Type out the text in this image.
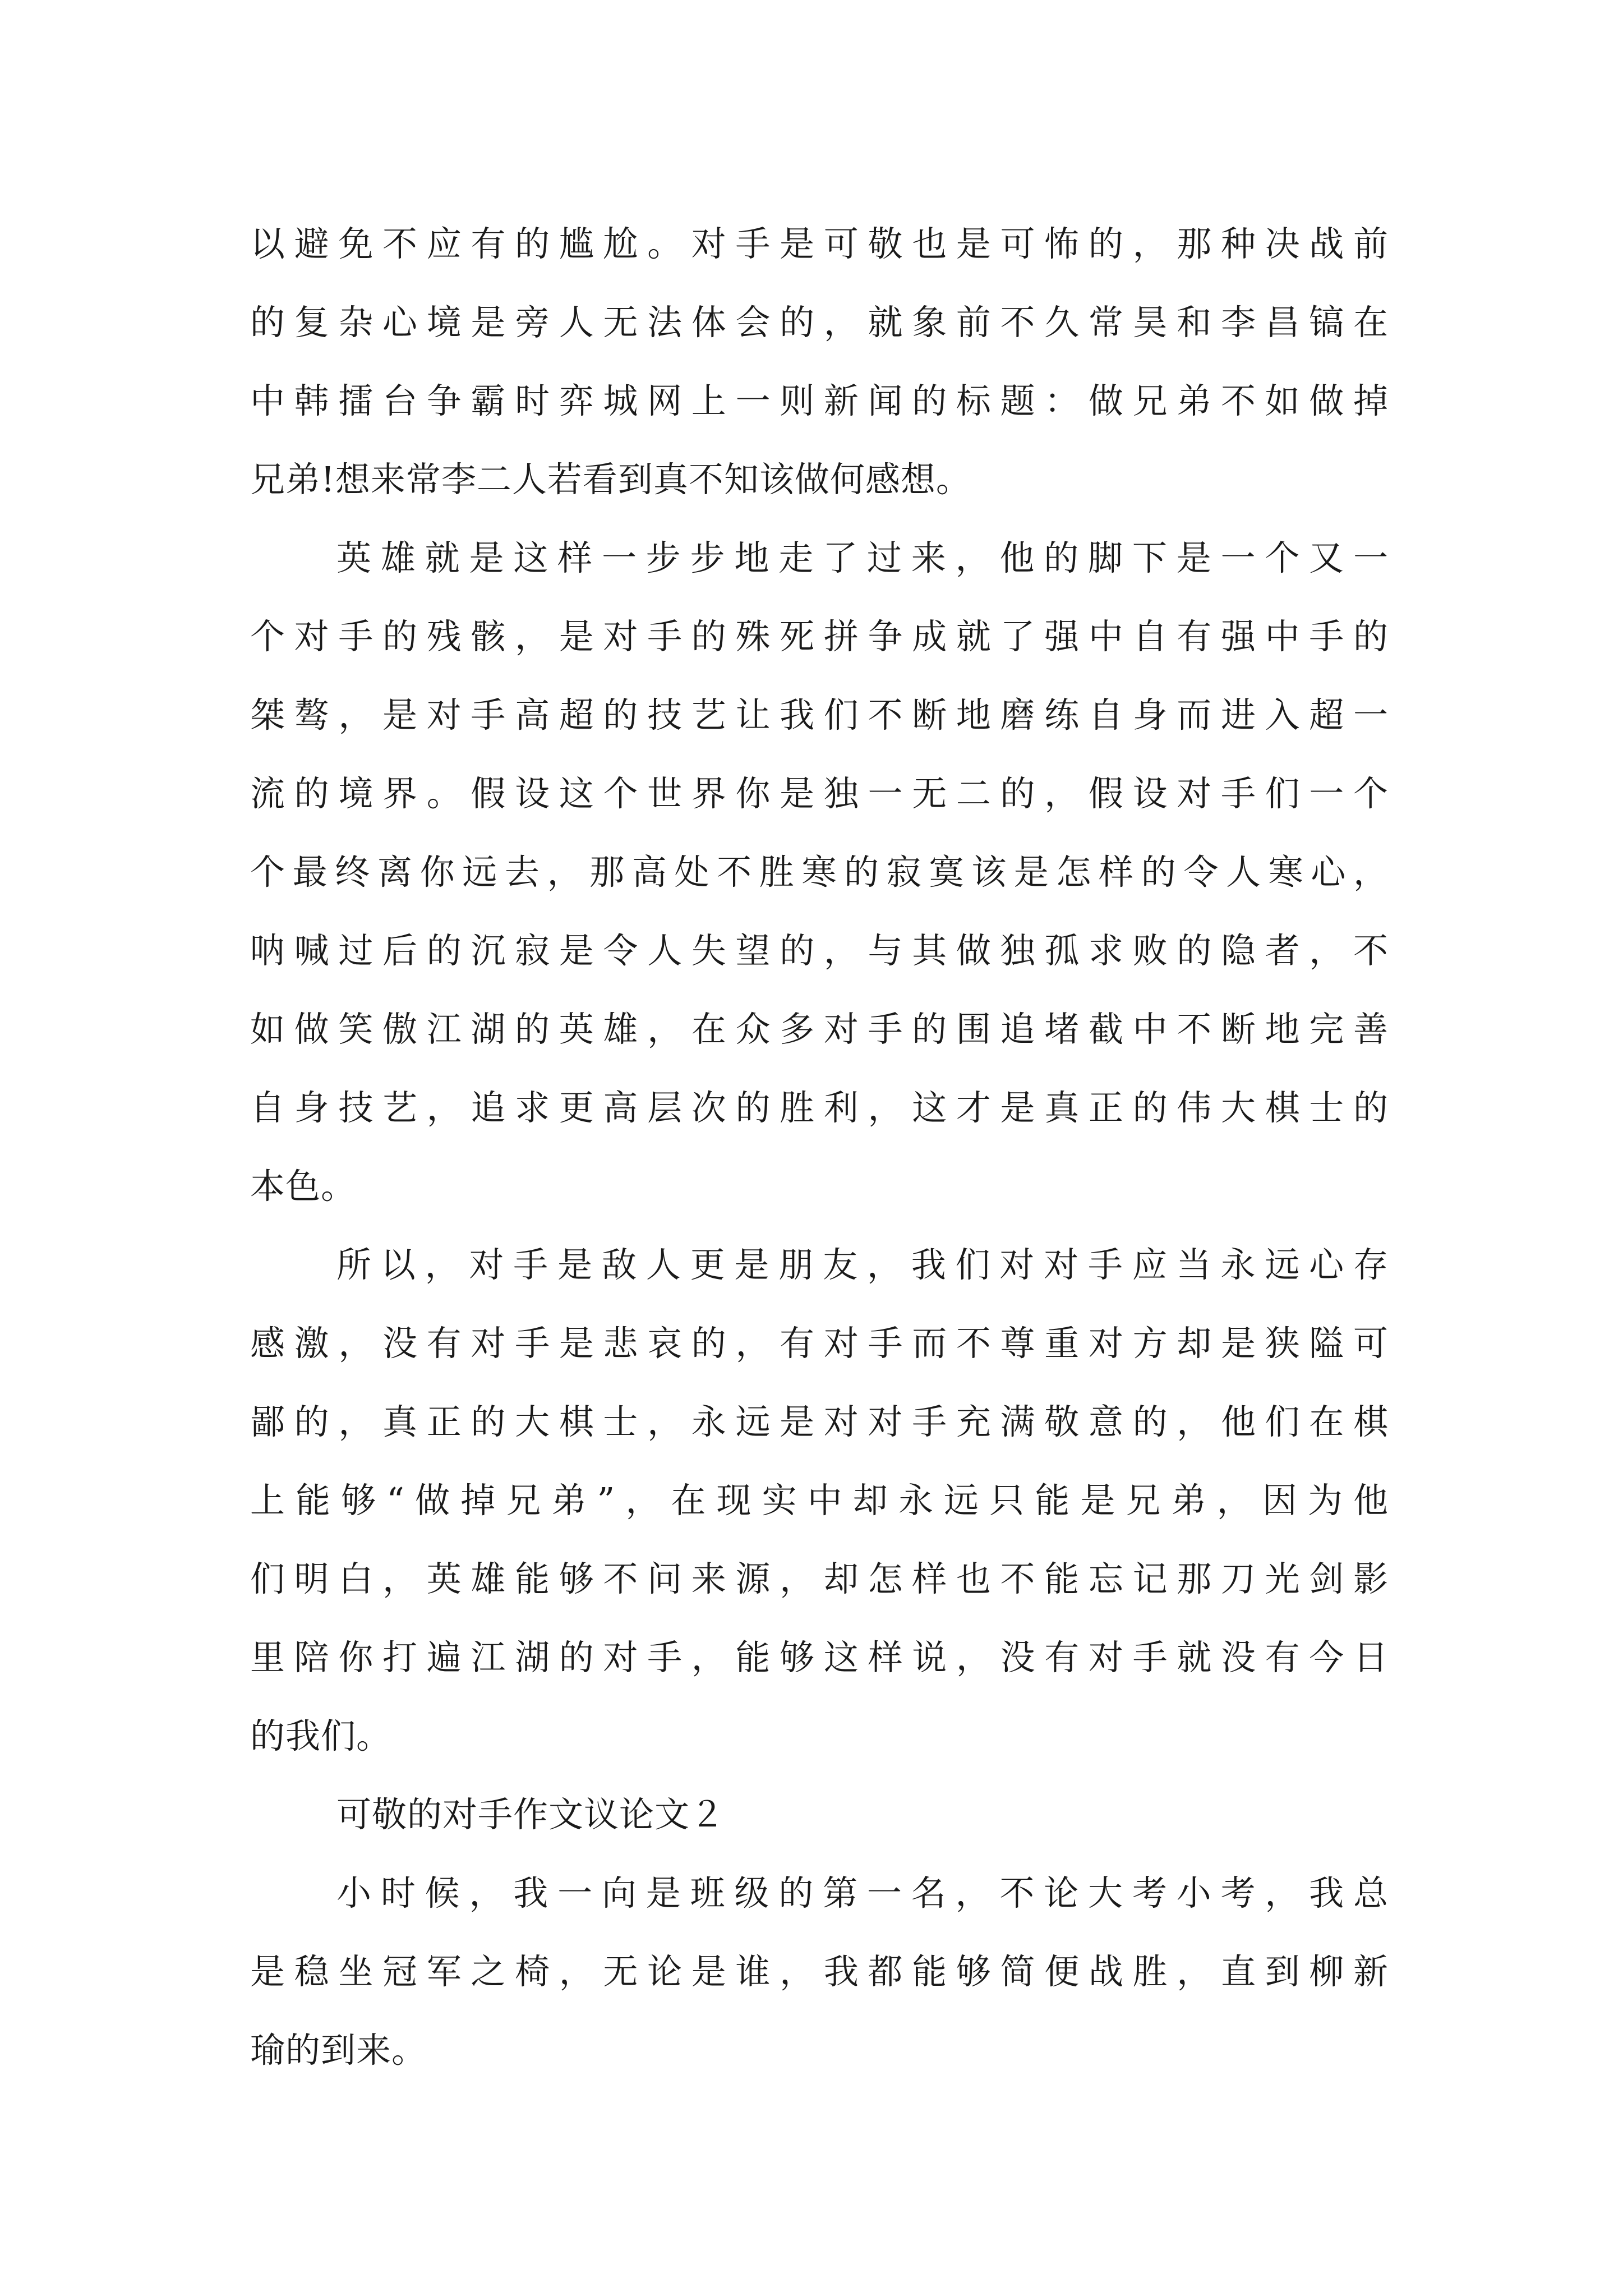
以避免不应有的尴尬。对手是可敬也是可怖的，那种决战前
的复杂心境是旁人无法体会的，就象前不久常昊和李昌镐在
中韩擂台争霸时弈城网上一则新闻的标题：做兄弟不如做掉
兄弟!想来常李二人若看到真不知该做何感想。
英雄就是这样一步步地走了过来，他的脚下是一个又一
个对手的残骸，是对手的殊死拼争成就了强中自有强中手的
桀骜，是对手高超的技艺让我们不断地磨练自身而进入超一
流的境界。假设这个世界你是独一无二的，假设对手们一个
个最终离你远去，那高处不胜寒的寂寞该是怎样的令人寒心，
呐喊过后的沉寂是令人失望的，与其做独孤求败的隐者，不
如做笑傲江湖的英雄，在众多对手的围追堵截中不断地完善
自身技艺，追求更高层次的胜利，这才是真正的伟大棋士的
本色。
所以，对手是敌人更是朋友，我们对对手应当永远心存
感激，没有对手是悲哀的，有对手而不尊重对方却是狭隘可
鄙的，真正的大棋士，永远是对对手充满敬意的，他们在棋
上能够“做掉兄弟”，在现实中却永远只能是兄弟，因为他
们明白，英雄能够不问来源，却怎样也不能忘记那刀光剑影
里陪你打遍江湖的对手，能够这样说，没有对手就没有今日
的我们。
可敬的对手作文议论文２
小时候，我一向是班级的第一名，不论大考小考，我总
是稳坐冠军之椅，无论是谁，我都能够简便战胜，直到柳新
瑜的到来。
